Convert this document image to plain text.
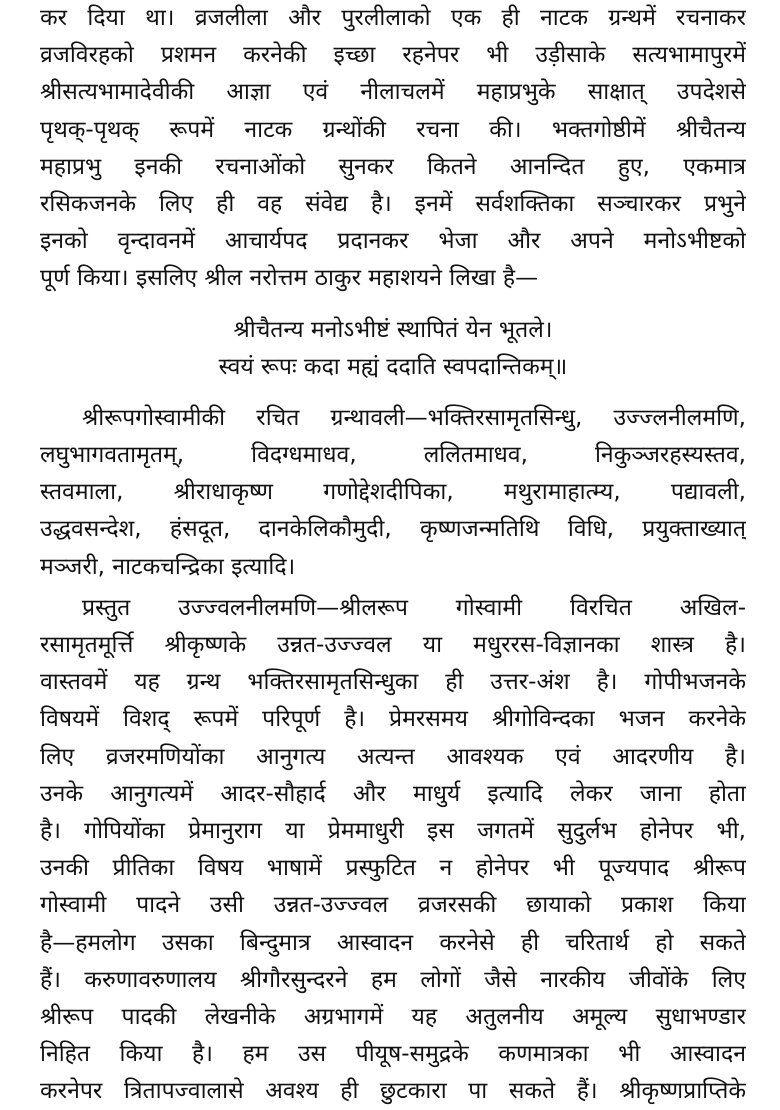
कर दिया था। व्रजलीला और पुरलीलाको एक ही नाटक ग्रन्थमें रचनाकर
व्रजविरहको प्रशमन करनेकी इच्छा रहनेपर भी उड़ीसाके सत्यभामापुरमें
श्रीसत्यभामादेवीकी आज्ञा एवं नीलाचलमें महाप्रभुके साक्षात् उपदेशसे
पृथक्-पृथक् रूपमें नाटक ग्रन्थोंकी रचना की। भक्तगोष्ठीमें श्रीचैतन्य
महाप्रभु इनकी रचनाओंको सुनकर कितने आनन्दित हुए, एकमात्र
रसिकजनके लिए ही वह संवेद्य है। इनमें सर्वशक्तिका सञ्चारकर प्रभुने
इनको वृन्दावनमें आचार्यपद प्रदानकर भेजा और अपने मनोऽभीष्टको
पूर्ण किया। इसलिए श्रील नरोत्तम ठाकुर महाशयने लिखा है—
श्रीचैतन्य मनोऽभीष्टं स्थापितं येन भूतले।
स्वयं रूपः कदा मह्यं ददाति स्वपदान्तिकम्॥
श्रीरूपगोस्वामीकी रचित ग्रन्थावली—भक्तिरसामृतसिन्धु, उज्ज्लनीलमणि,
लघुभागवतामृतम्, विदग्धमाधव, ललितमाधव, निकुञ्जरहस्यस्तव,
स्तवमाला, श्रीराधाकृष्ण गणोद्देशदीपिका, मथुरामाहात्म्य, पद्यावली,
उद्धवसन्देश, हंसदूत, दानकेलिकौमुदी, कृष्णजन्मतिथि विधि, प्रयुक्ताख्यात्
मञ्जरी, नाटकचन्द्रिका इत्यादि।
प्रस्तुत उज्ज्वलनीलमणि—श्रीलरूप गोस्वामी विरचित अखिल-
रसामृतमूर्त्ति श्रीकृष्णके उन्नत-उज्ज्वल या मधुररस-विज्ञानका शास्त्र है।
वास्तवमें यह ग्रन्थ भक्तिरसामृतसिन्धुका ही उत्तर-अंश है। गोपीभजनके
विषयमें विशद् रूपमें परिपूर्ण है। प्रेमरसमय श्रीगोविन्दका भजन करनेके
लिए व्रजरमणियोंका आनुगत्य अत्यन्त आवश्यक एवं आदरणीय है।
उनके आनुगत्यमें आदर-सौहार्द और माधुर्य इत्यादि लेकर जाना होता
है। गोपियोंका प्रेमानुराग या प्रेममाधुरी इस जगतमें सुदुर्लभ होनेपर भी,
उनकी प्रीतिका विषय भाषामें प्रस्फुटित न होनेपर भी पूज्यपाद श्रीरूप
गोस्वामी पादने उसी उन्नत-उज्ज्वल व्रजरसकी छायाको प्रकाश किया
है—हमलोग उसका बिन्दुमात्र आस्वादन करनेसे ही चरितार्थ हो सकते
हैं। करुणावरुणालय श्रीगौरसुन्दरने हम लोगों जैसे नारकीय जीवोंके लिए
श्रीरूप पादकी लेखनीके अग्रभागमें यह अतुलनीय अमूल्य सुधाभण्डार
निहित किया है। हम उस पीयूष-समुद्रके कणमात्रका भी आस्वादन
करनेपर त्रितापज्वालासे अवश्य ही छुटकारा पा सकते हैं। श्रीकृष्णप्राप्तिके
